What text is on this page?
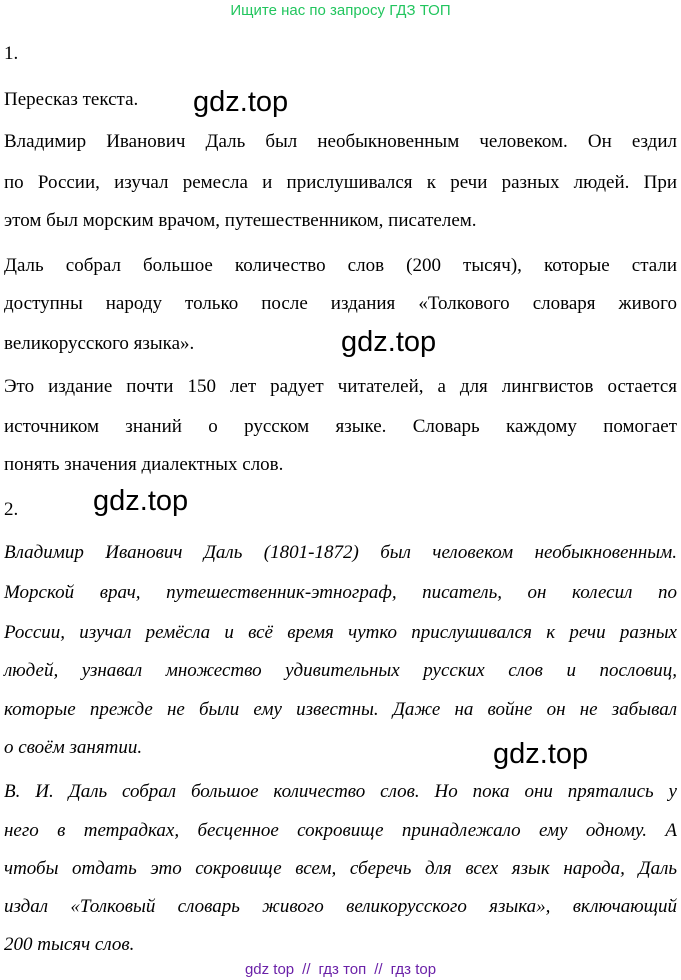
Ищите нас по запросу ГДЗ ТОП
1.
Пересказ текста.
Владимир Иванович Даль был необыкновенным человеком. Он ездил
по России, изучал ремесла и прислушивался к речи разных людей. При
этом был морским врачом, путешественником, писателем.
Даль собрал большое количество слов (200 тысяч), которые стали
доступны народу только после издания «Толкового словаря живого
великорусского языка».
Это издание почти 150 лет радует читателей, а для лингвистов остается
источником знаний о русском языке. Словарь каждому помогает
понять значения диалектных слов.
2.
Владимир Иванович Даль (1801-1872) был человеком необыкновенным.
Морской врач, путешественник-этнограф, писатель, он колесил по
России, изучал ремёсла и всё время чутко прислушивался к речи разных
людей, узнавал множество удивительных русских слов и пословиц,
которые прежде не были ему известны. Даже на войне он не забывал
о своём занятии.
В. И. Даль собрал большое количество слов. Но пока они прятались у
него в тетрадках, бесценное сокровище принадлежало ему одному. А
чтобы отдать это сокровище всем, сберечь для всех язык народа, Даль
издал «Толковый словарь живого великорусского языка», включающий
200 тысяч слов.
gdz.top
gdz.top
gdz.top
gdz.top
gdz top // гдз топ // гдз top
